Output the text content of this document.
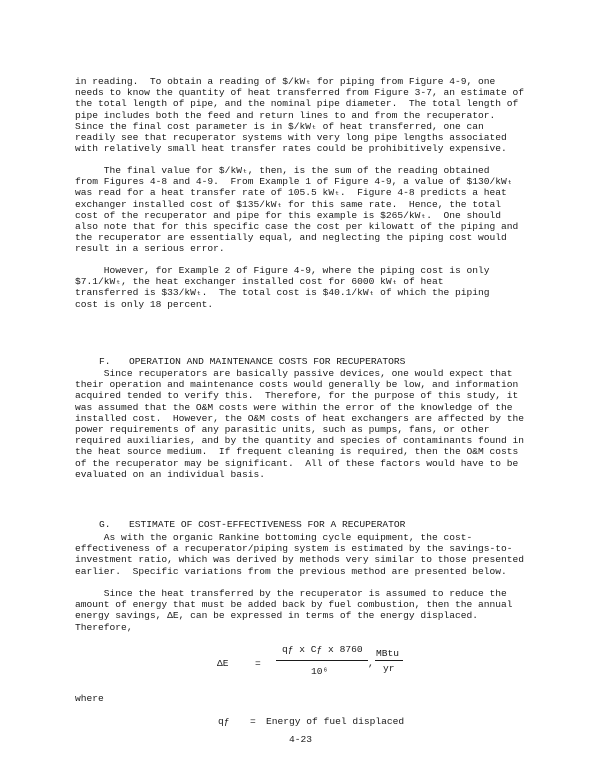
in reading.  To obtain a reading of $/kWₜ for piping from Figure 4-9, one
needs to know the quantity of heat transferred from Figure 3-7, an estimate of
the total length of pipe, and the nominal pipe diameter.  The total length of
pipe includes both the feed and return lines to and from the recuperator.
Since the final cost parameter is in $/kWₜ of heat transferred, one can
readily see that recuperator systems with very long pipe lengths associated
with relatively small heat transfer rates could be prohibitively expensive.
The final value for $/kWₜ, then, is the sum of the reading obtained
from Figures 4-8 and 4-9.  From Example 1 of Figure 4-9, a value of $130/kWₜ
was read for a heat transfer rate of 105.5 kWₜ.  Figure 4-8 predicts a heat
exchanger installed cost of $135/kWₜ for this same rate.  Hence, the total
cost of the recuperator and pipe for this example is $265/kWₜ.  One should
also note that for this specific case the cost per kilowatt of the piping and
the recuperator are essentially equal, and neglecting the piping cost would
result in a serious error.
However, for Example 2 of Figure 4-9, where the piping cost is only
$7.1/kWₜ, the heat exchanger installed cost for 6000 kWₜ of heat
transferred is $33/kWₜ.  The total cost is $40.1/kWₜ of which the piping
cost is only 18 percent.

F. OPERATION AND MAINTENANCE COSTS FOR RECUPERATORS

Since recuperators are basically passive devices, one would expect that
their operation and maintenance costs would generally be low, and information
acquired tended to verify this.  Therefore, for the purpose of this study, it
was assumed that the O&M costs were within the error of the knowledge of the
installed cost.  However, the O&M costs of heat exchangers are affected by the
power requirements of any parasitic units, such as pumps, fans, or other
required auxiliaries, and by the quantity and species of contaminants found in
the heat source medium.  If frequent cleaning is required, then the O&M costs
of the recuperator may be significant.  All of these factors would have to be
evaluated on an individual basis.

G. ESTIMATE OF COST-EFFECTIVENESS FOR A RECUPERATOR

As with the organic Rankine bottoming cycle equipment, the cost-
effectiveness of a recuperator/piping system is estimated by the savings-to-
investment ratio, which was derived by methods very similar to those presented
earlier.  Specific variations from the previous method are presented below.
Since the heat transferred by the recuperator is assumed to reduce the
amount of energy that must be added back by fuel combustion, then the annual
energy savings, ΔE, can be expressed in terms of the energy displaced.
Therefore,
ΔE	=
qƒ x Cƒ x 8760
10⁶
,
MBtu
yr
where
qƒ = Energy of fuel displaced
4-23
